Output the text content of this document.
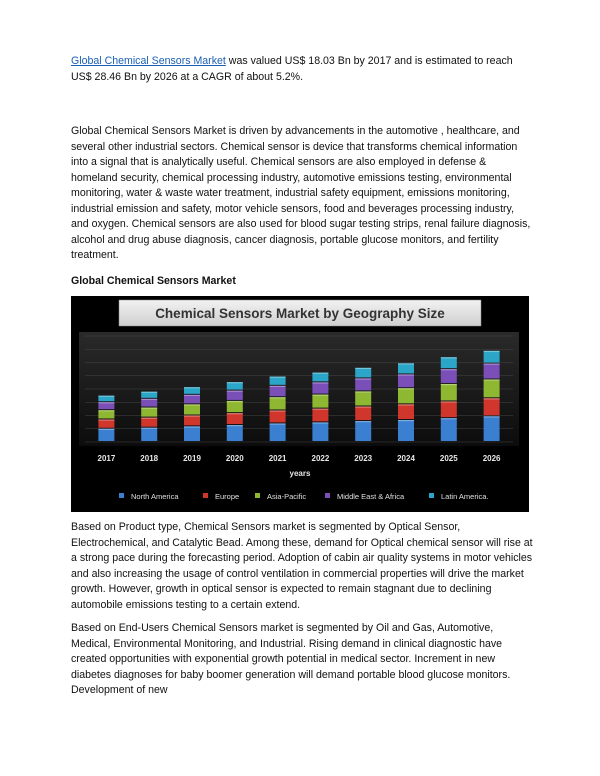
Global Chemical Sensors Market was valued US$ 18.03 Bn by 2017 and is estimated to reach US$ 28.46 Bn by 2026 at a CAGR of about 5.2%.

Global Chemical Sensors Market is driven by advancements in the automotive , healthcare, and several other industrial sectors. Chemical sensor is device that transforms chemical information into a signal that is analytically useful. Chemical sensors are also employed in defense & homeland security, chemical processing industry, automotive emissions testing, environmental monitoring, water & waste water treatment, industrial safety equipment, emissions monitoring, industrial emission and safety, motor vehicle sensors, food and beverages processing industry, and oxygen. Chemical sensors are also used for blood sugar testing strips, renal failure diagnosis, alcohol and drug abuse diagnosis, cancer diagnosis, portable glucose monitors, and fertility treatment.

Global Chemical Sensors Market
Chemical Sensors Market by Geography Size
2017	2018	2019	2020	2021	2022	2023	2024	2025	2026
years
North America	Europe	Asia-Pacific	Middle East & Africa	Latin America.

Based on Product type, Chemical Sensors market is segmented by Optical Sensor, Electrochemical, and Catalytic Bead. Among these, demand for Optical chemical sensor will rise at a strong pace during the forecasting period. Adoption of cabin air quality systems in motor vehicles and also increasing the usage of control ventilation in commercial properties will drive the market growth. However, growth in optical sensor is expected to remain stagnant due to declining automobile emissions testing to a certain extend.

Based on End-Users Chemical Sensors market is segmented by Oil and Gas, Automotive, Medical, Environmental Monitoring, and Industrial. Rising demand in clinical diagnostic have created opportunities with exponential growth potential in medical sector. Increment in new diabetes diagnoses for baby boomer generation will demand portable blood glucose monitors. Development of new
